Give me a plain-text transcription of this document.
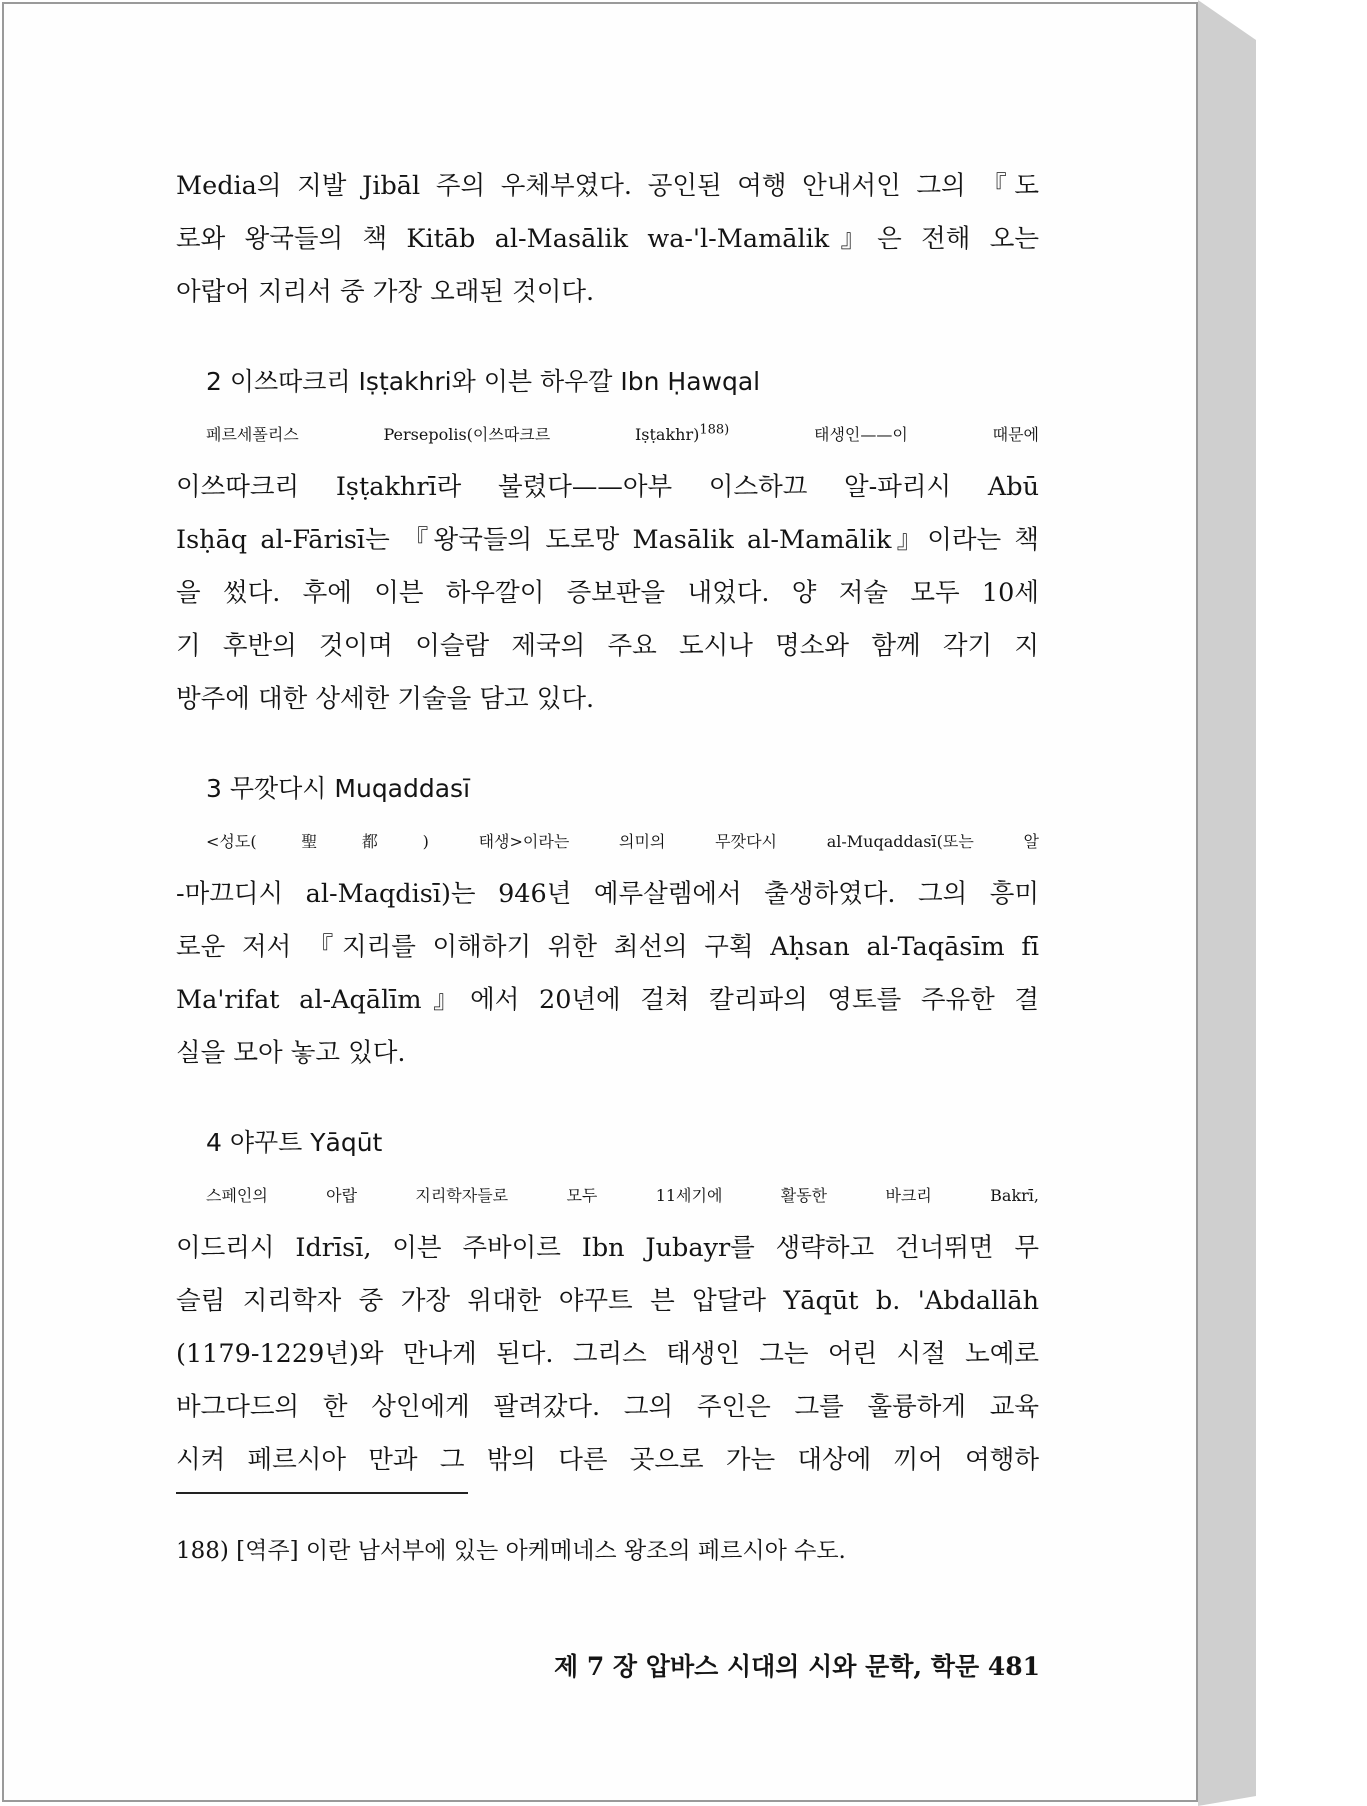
Media의 지발 Jibāl 주의 우체부였다. 공인된 여행 안내서인 그의 『도
로와 왕국들의 책 Kitāb al-Masālik wa-'l-Mamālik』은 전해 오는
아랍어 지리서 중 가장 오래된 것이다.
2 이쓰따크리 Iṣṭakhri와 이븐 하우깔 Ibn Ḥawqal
페르세폴리스 Persepolis(이쓰따크르 Iṣṭakhr)$^{188)}$ 태생인——이 때문에
이쓰따크리 Iṣṭakhrī라 불렸다——아부 이스하끄 알-파리시 Abū
Isḥāq al-Fārisī는 『왕국들의 도로망 Masālik al-Mamālik』이라는 책
을 썼다. 후에 이븐 하우깔이 증보판을 내었다. 양 저술 모두 10세
기 후반의 것이며 이슬람 제국의 주요 도시나 명소와 함께 각기 지
방주에 대한 상세한 기술을 담고 있다.
3 무깟다시 Muqaddasī
<성도(聖都) 태생>이라는 의미의 무깟다시 al-Muqaddasī(또는 알
-마끄디시 al-Maqdisī)는 946년 예루살렘에서 출생하였다. 그의 흥미
로운 저서 『지리를 이해하기 위한 최선의 구획 Aḥsan al-Taqāsīm fī
Ma'rifat al-Aqālīm』에서 20년에 걸쳐 칼리파의 영토를 주유한 결
실을 모아 놓고 있다.
4 야꾸트 Yāqūt
스페인의 아랍 지리학자들로 모두 11세기에 활동한 바크리 Bakrī,
이드리시 Idrīsī, 이븐 주바이르 Ibn Jubayr를 생략하고 건너뛰면 무
슬림 지리학자 중 가장 위대한 야꾸트 븐 압달라 Yāqūt b. 'Abdallāh
(1179-1229년)와 만나게 된다. 그리스 태생인 그는 어린 시절 노예로
바그다드의 한 상인에게 팔려갔다. 그의 주인은 그를 훌륭하게 교육
시켜 페르시아 만과 그 밖의 다른 곳으로 가는 대상에 끼어 여행하
188) [역주] 이란 남서부에 있는 아케메네스 왕조의 페르시아 수도.
제 7 장 압바스 시대의 시와 문학, 학문 481
